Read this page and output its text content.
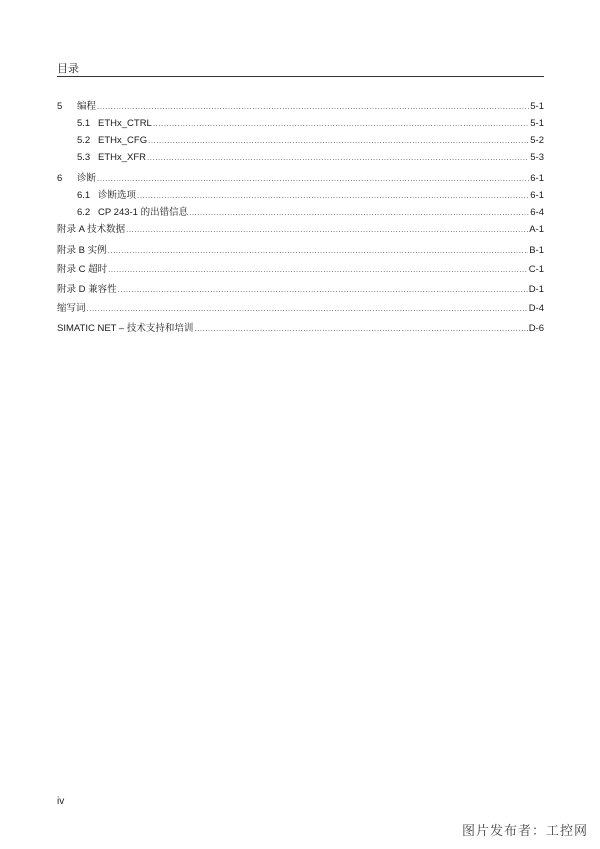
目录
5	编程 .....	5-1
5.1 ETHx_CTRL .....	5-1
5.2 ETHx_CFG .....	5-2
5.3 ETHx_XFR .....	5-3
6	诊断 .....	6-1
6.1 诊断选项 .....	6-1
6.2 CP 243-1 的出错信息 .....	6-4
附录 A 技术数据 .....	A-1
附录 B 实例 .....	B-1
附录 C 超时 .....	C-1
附录 D 兼容性 .....	D-1
缩写词 .....	D-4
SIMATIC NET – 技术支持和培训 .....	D-6
iv
图片发布者：工控网
